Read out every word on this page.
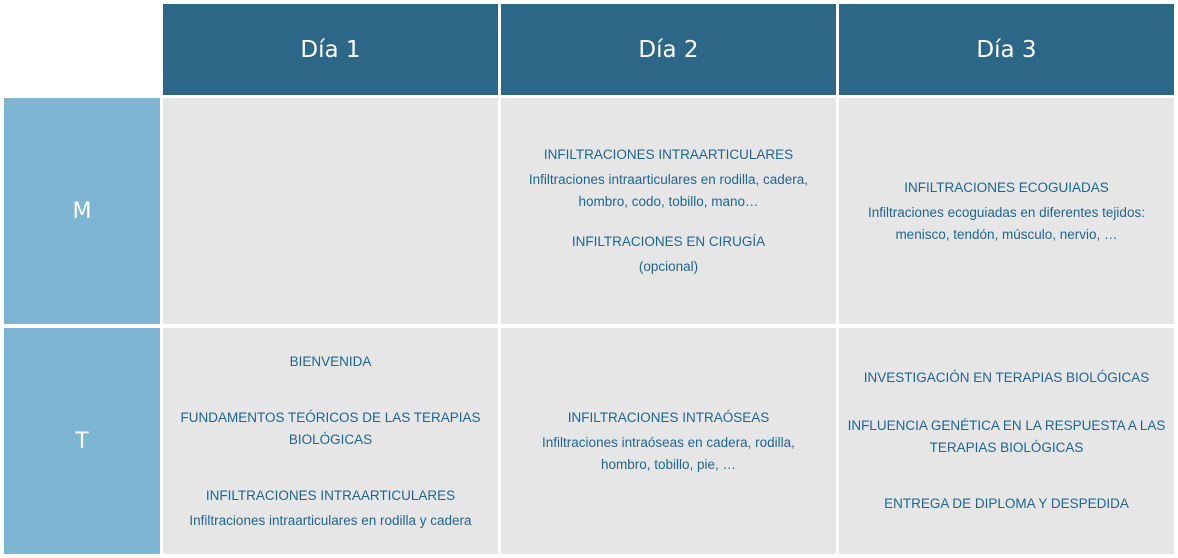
Día 1	Día 2	Día 3
M
INFILTRACIONES INTRAARTICULARES
Infiltraciones intraarticulares en rodilla, cadera,
hombro, codo, tobillo, mano…
INFILTRACIONES EN CIRUGÍA
(opcional)
INFILTRACIONES ECOGUIADAS
Infiltraciones ecoguiadas en diferentes tejidos:
menisco, tendón, músculo, nervio, …
T
BIENVENIDA
FUNDAMENTOS TEÓRICOS DE LAS TERAPIAS
BIOLÓGICAS
INFILTRACIONES INTRAARTICULARES
Infiltraciones intraarticulares en rodilla y cadera
INFILTRACIONES INTRAÓSEAS
Infiltraciones intraóseas en cadera, rodilla,
hombro, tobillo, pie, …
INVESTIGACIÓN EN TERAPIAS BIOLÓGICAS
INFLUENCIA GENÉTICA EN LA RESPUESTA A LAS
TERAPIAS BIOLÓGICAS
ENTREGA DE DIPLOMA Y DESPEDIDA
